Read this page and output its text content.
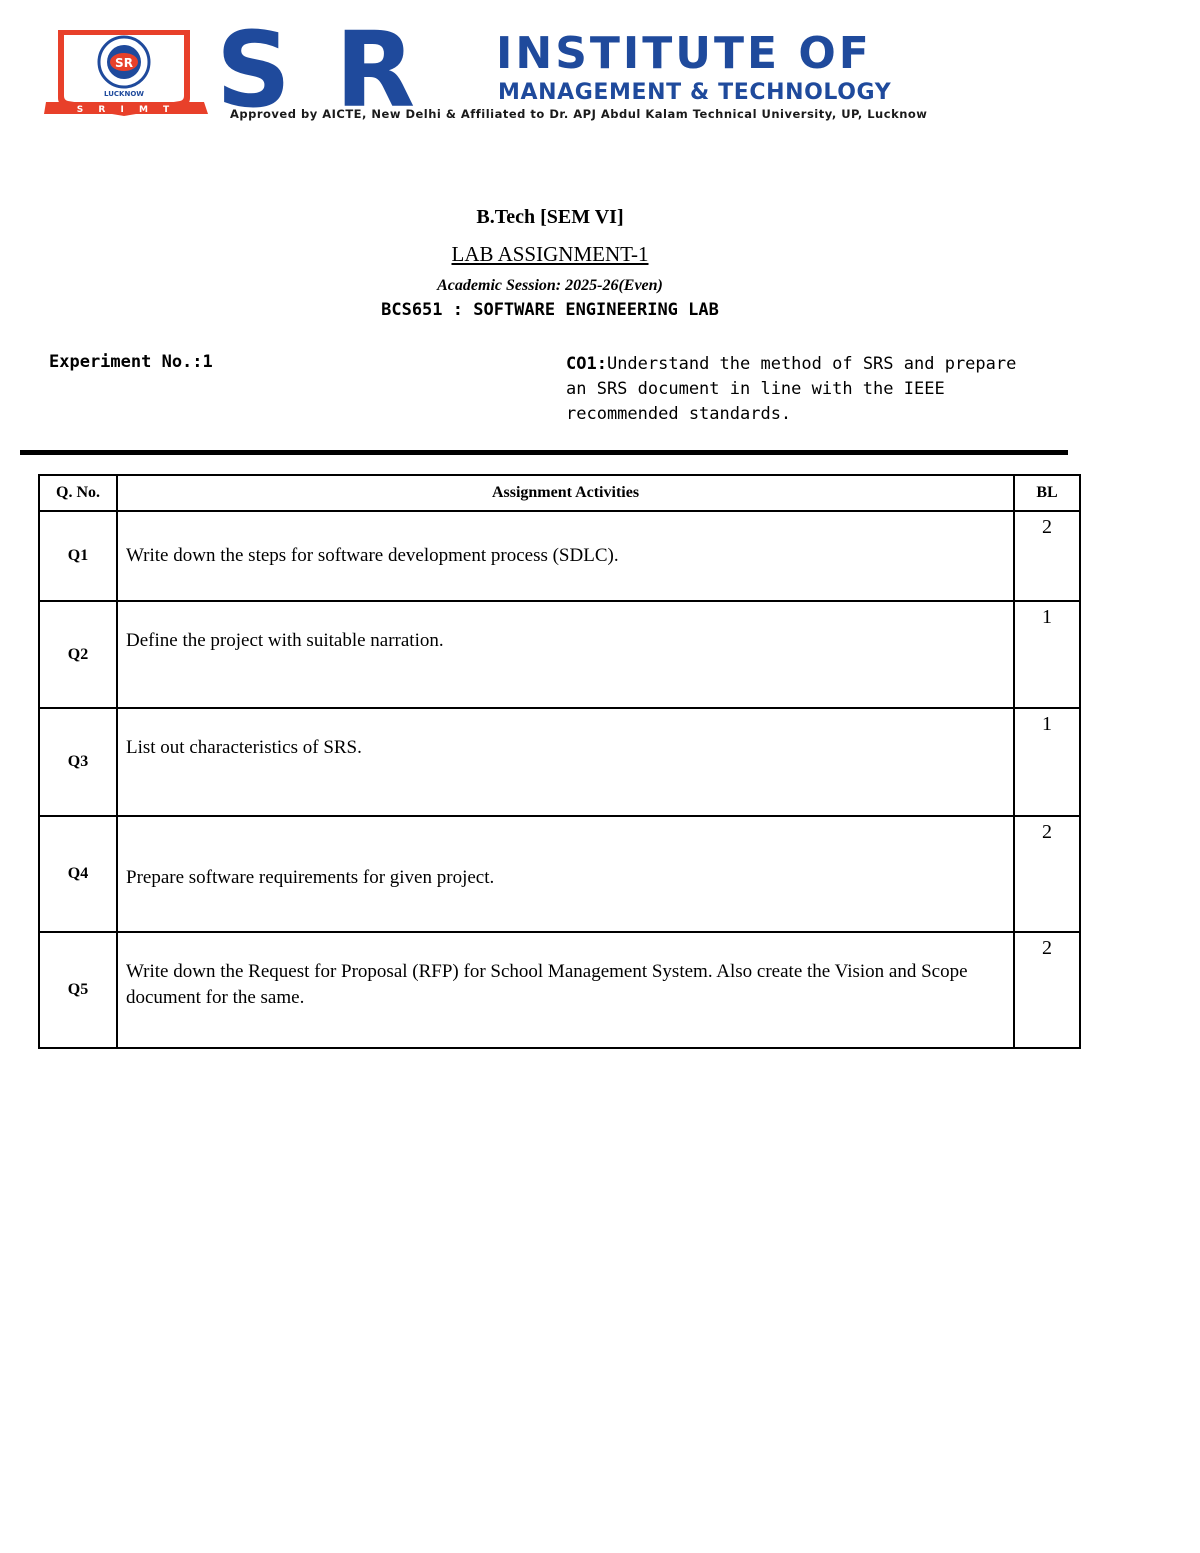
SR
LUCKNOW
S R I M T S R INSTITUTE OF
MANAGEMENT & TECHNOLOGY
Approved by AICTE, New Delhi & Affiliated to Dr. APJ Abdul Kalam Technical University, UP, Lucknow
B.Tech [SEM VI]
LAB ASSIGNMENT-1
Academic Session: 2025-26(Even)
BCS651 : SOFTWARE ENGINEERING LAB
Experiment No.:1	CO1:Understand the method of SRS and prepare an SRS document in line with the IEEE recommended standards.
Q. No.	Assignment Activities	BL
Q1	Write down the steps for software development process (SDLC).	2
Q2	Define the project with suitable narration.	1
Q3	List out characteristics of SRS.	1
Q4	Prepare software requirements for given project.	2
Q5	Write down the Request for Proposal (RFP) for School Management System. Also create the Vision and Scope document for the same.	2
